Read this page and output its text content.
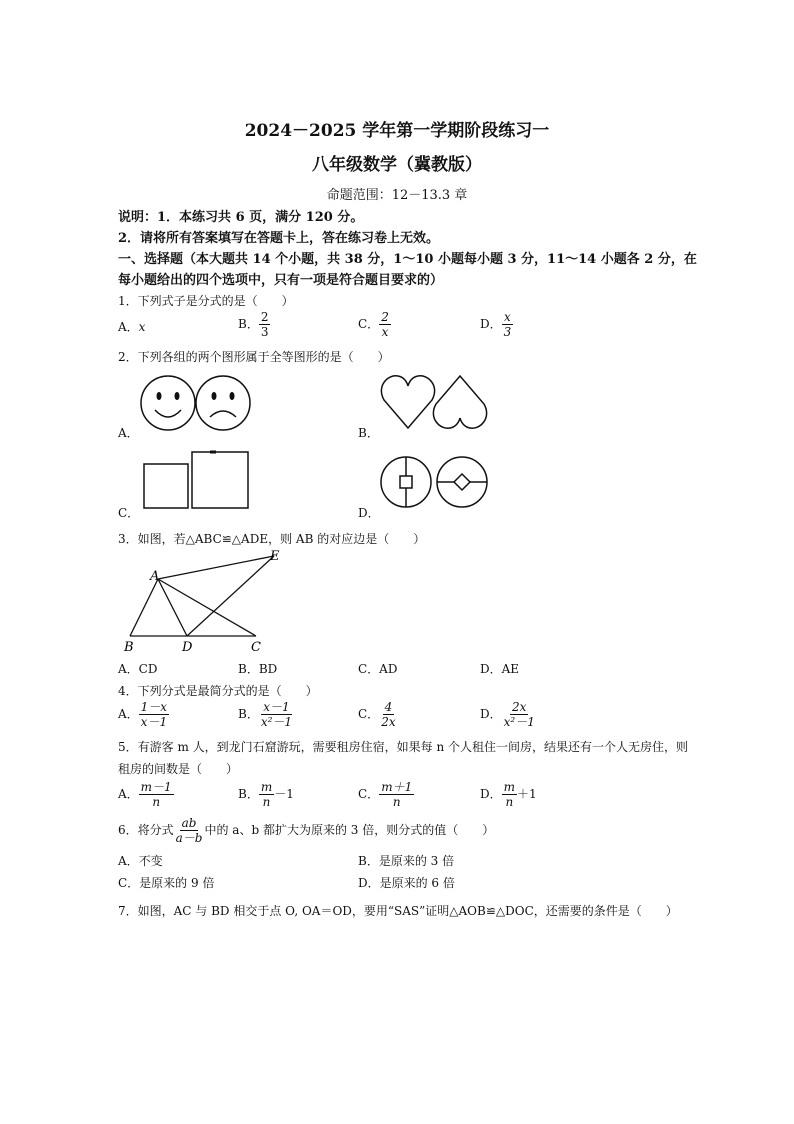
2024－2025 学年第一学期阶段练习一
八年级数学（冀教版）
命题范围：12－13.3 章
说明：1．本练习共 6 页，满分 120 分。
2．请将所有答案填写在答题卡上，答在练习卷上无效。
一、选择题（本大题共 14 个小题，共 38 分，1～10 小题每小题 3 分，11～14 小题各 2 分，在
每小题给出的四个选项中，只有一项是符合题目要求的）
1．下列式子是分式的是（　　）
A．x	B． $\frac{2}{3}$	C． $\frac{2}{x}$	D． $\frac{x}{3}$
2．下列各组的两个图形属于全等图形的是（　　）
A．	B．
C．	D．
3．如图，若△ABC≌△ADE，则 AB 的对应边是（　　）
A
B	D	C
E
A．CD	B．BD	C．AD	D．AE
4．下列分式是最简分式的是（　　）
A． $\frac{1-x}{x-1}$	B． $\frac{x-1}{\text{x²－1}}$	C． $\frac{4}{2x}$	D． $\frac{2x}{\text{x²－1}}$
5．有游客 m 人，到龙门石窟游玩，需要租房住宿，如果每 n 个人租住一间房，结果还有一个人无房住，则
租房的间数是（　　）
A． $\frac{m-1}{n}$	B． $\frac{m}{n} -1$	C． $\frac{m+1}{n}$	D． $\frac{m}{n} +1$
6．将分式 $\frac{ab}{a-b}$ 中的 a、b 都扩大为原来的 3 倍，则分式的值（　　）
A．不变	B．是原来的 3 倍
C．是原来的 9 倍	D．是原来的 6 倍
7．如图，AC 与 BD 相交于点 O, OA＝OD，要用“SAS”证明△AOB≌△DOC，还需要的条件是（　　）
